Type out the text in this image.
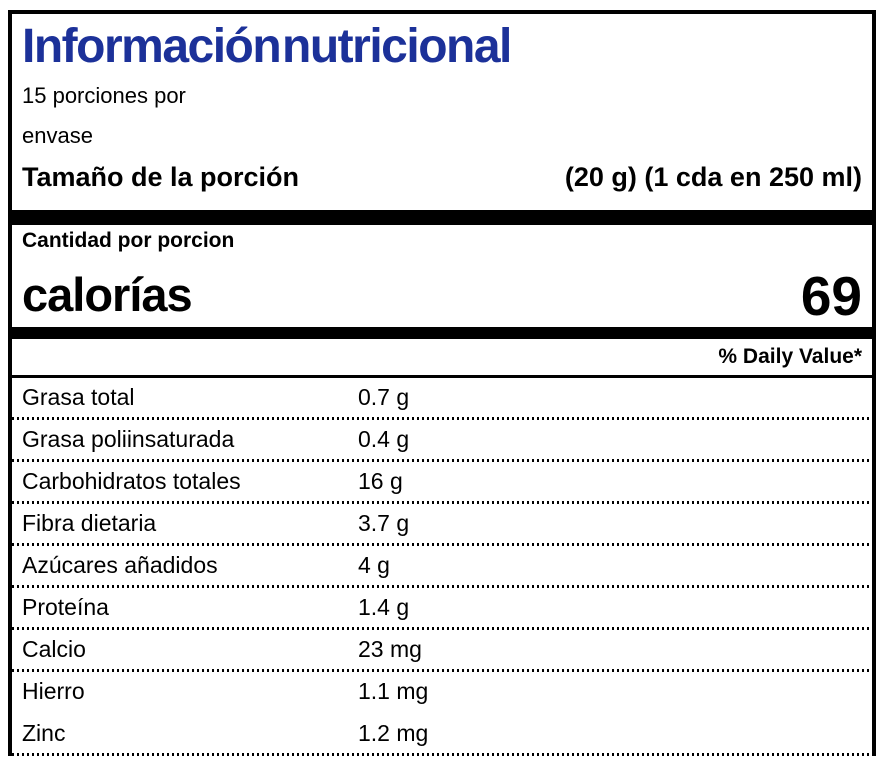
Información nutricional
15 porciones por
envase
Tamaño de la porción	(20 g) (1 cda en 250 ml)
Cantidad por porcion
calorías	69
% Daily Value*
Grasa total	0.7 g
Grasa poliinsaturada	0.4 g
Carbohidratos totales	16 g
Fibra dietaria	3.7 g
Azúcares añadidos	4 g
Proteína	1.4 g
Calcio	23 mg
Hierro	1.1 mg
Zinc	1.2 mg
